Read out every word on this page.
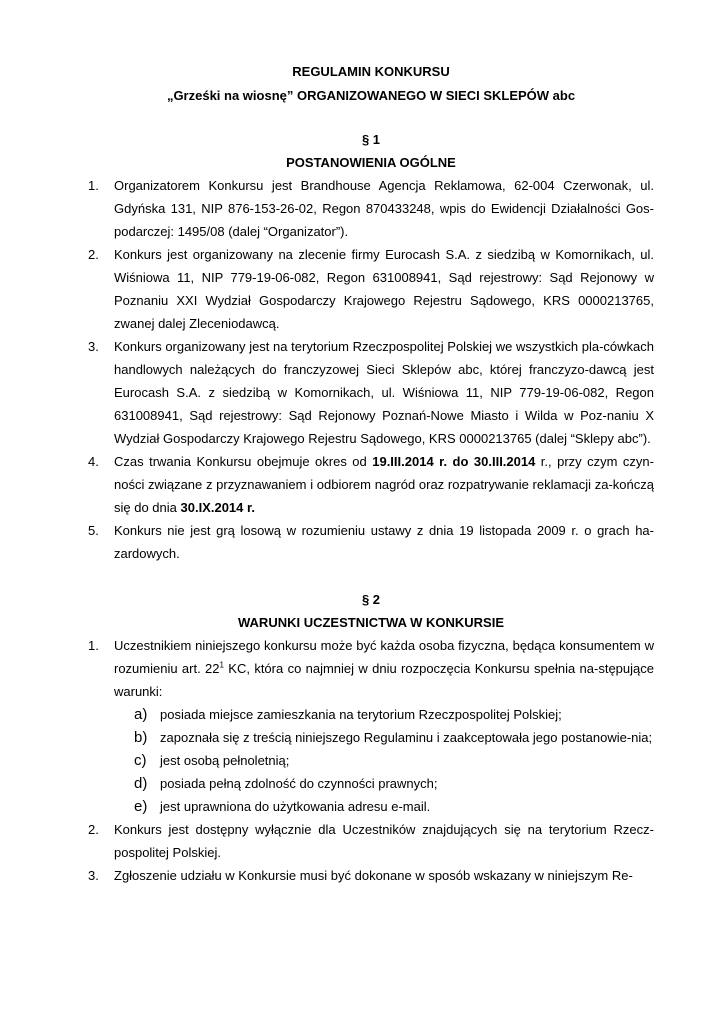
REGULAMIN KONKURSU

„Grześki na wiosnę” ORGANIZOWANEGO W SIECI SKLEPÓW abc

§ 1

POSTANOWIENIA OGÓLNE

1. Organizatorem Konkursu jest Brandhouse Agencja Reklamowa, 62-004 Czerwonak, ul. Gdyńska 131, NIP 876-153-26-02, Regon 870433248, wpis do Ewidencji Działalności Gos-podarczej: 1495/08 (dalej “Organizator”).
2. Konkurs jest organizowany na zlecenie firmy Eurocash S.A. z siedzibą w Komornikach, ul. Wiśniowa 11, NIP 779-19-06-082, Regon 631008941, Sąd rejestrowy: Sąd Rejonowy w Poznaniu XXI Wydział Gospodarczy Krajowego Rejestru Sądowego, KRS 0000213765, zwanej dalej Zleceniodawcą.
3. Konkurs organizowany jest na terytorium Rzeczpospolitej Polskiej we wszystkich pla-cówkach handlowych należących do franczyzowej Sieci Sklepów abc, której franczyzo-dawcą jest Eurocash S.A. z siedzibą w Komornikach, ul. Wiśniowa 11, NIP 779-19-06-082, Regon 631008941, Sąd rejestrowy: Sąd Rejonowy Poznań-Nowe Miasto i Wilda w Poz-naniu X Wydział Gospodarczy Krajowego Rejestru Sądowego, KRS 0000213765 (dalej “Sklepy abc”).
4. Czas trwania Konkursu obejmuje okres od 19.III.2014 r. do 30.III.2014 r., przy czym czyn-ności związane z przyznawaniem i odbiorem nagród oraz rozpatrywanie reklamacji za-kończą się do dnia 30.IX.2014 r.
5. Konkurs nie jest grą losową w rozumieniu ustawy z dnia 19 listopada 2009 r. o grach ha-zardowych.

§ 2

WARUNKI UCZESTNICTWA W KONKURSIE

1. Uczestnikiem niniejszego konkursu może być każda osoba fizyczna, będąca konsumentem w rozumieniu art. $22^1$ KC, która co najmniej w dniu rozpoczęcia Konkursu spełnia na-stępujące warunki:
a) posiada miejsce zamieszkania na terytorium Rzeczpospolitej Polskiej;
b) zapoznała się z treścią niniejszego Regulaminu i zaakceptowała jego postanowie-nia;
c) jest osobą pełnoletnią;
d) posiada pełną zdolność do czynności prawnych;
e) jest uprawniona do użytkowania adresu e-mail.
2. Konkurs jest dostępny wyłącznie dla Uczestników znajdujących się na terytorium Rzecz-pospolitej Polskiej.
3. Zgłoszenie udziału w Konkursie musi być dokonane w sposób wskazany w niniejszym Re-
